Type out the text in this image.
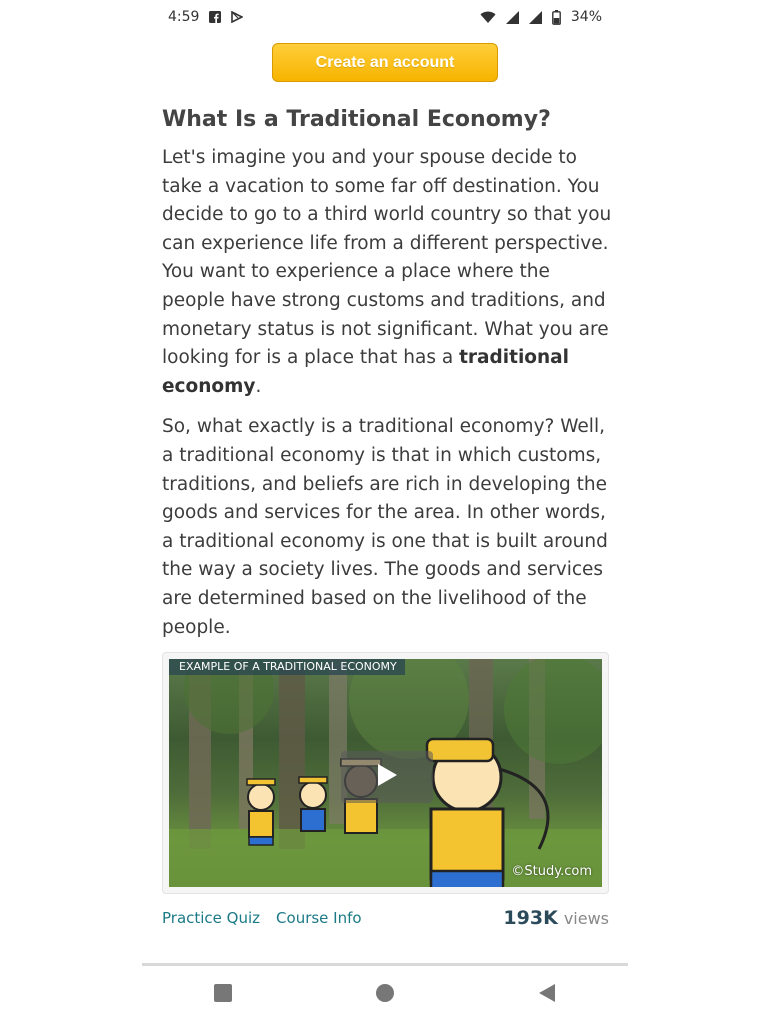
4:59	34%
Create an account
What Is a Traditional Economy?

Let's imagine you and your spouse decide to take a vacation to some far off destination. You decide to go to a third world country so that you can experience life from a different perspective. You want to experience a place where the people have strong customs and traditions, and monetary status is not significant. What you are looking for is a place that has a traditional economy.

So, what exactly is a traditional economy? Well, a traditional economy is that in which customs, traditions, and beliefs are rich in developing the goods and services for the area. In other words, a traditional economy is one that is built around the way a society lives. The goods and services are determined based on the livelihood of the people.

EXAMPLE OF A TRADITIONAL ECONOMY
©Study.com
Practice Quiz Course Info	193K views
